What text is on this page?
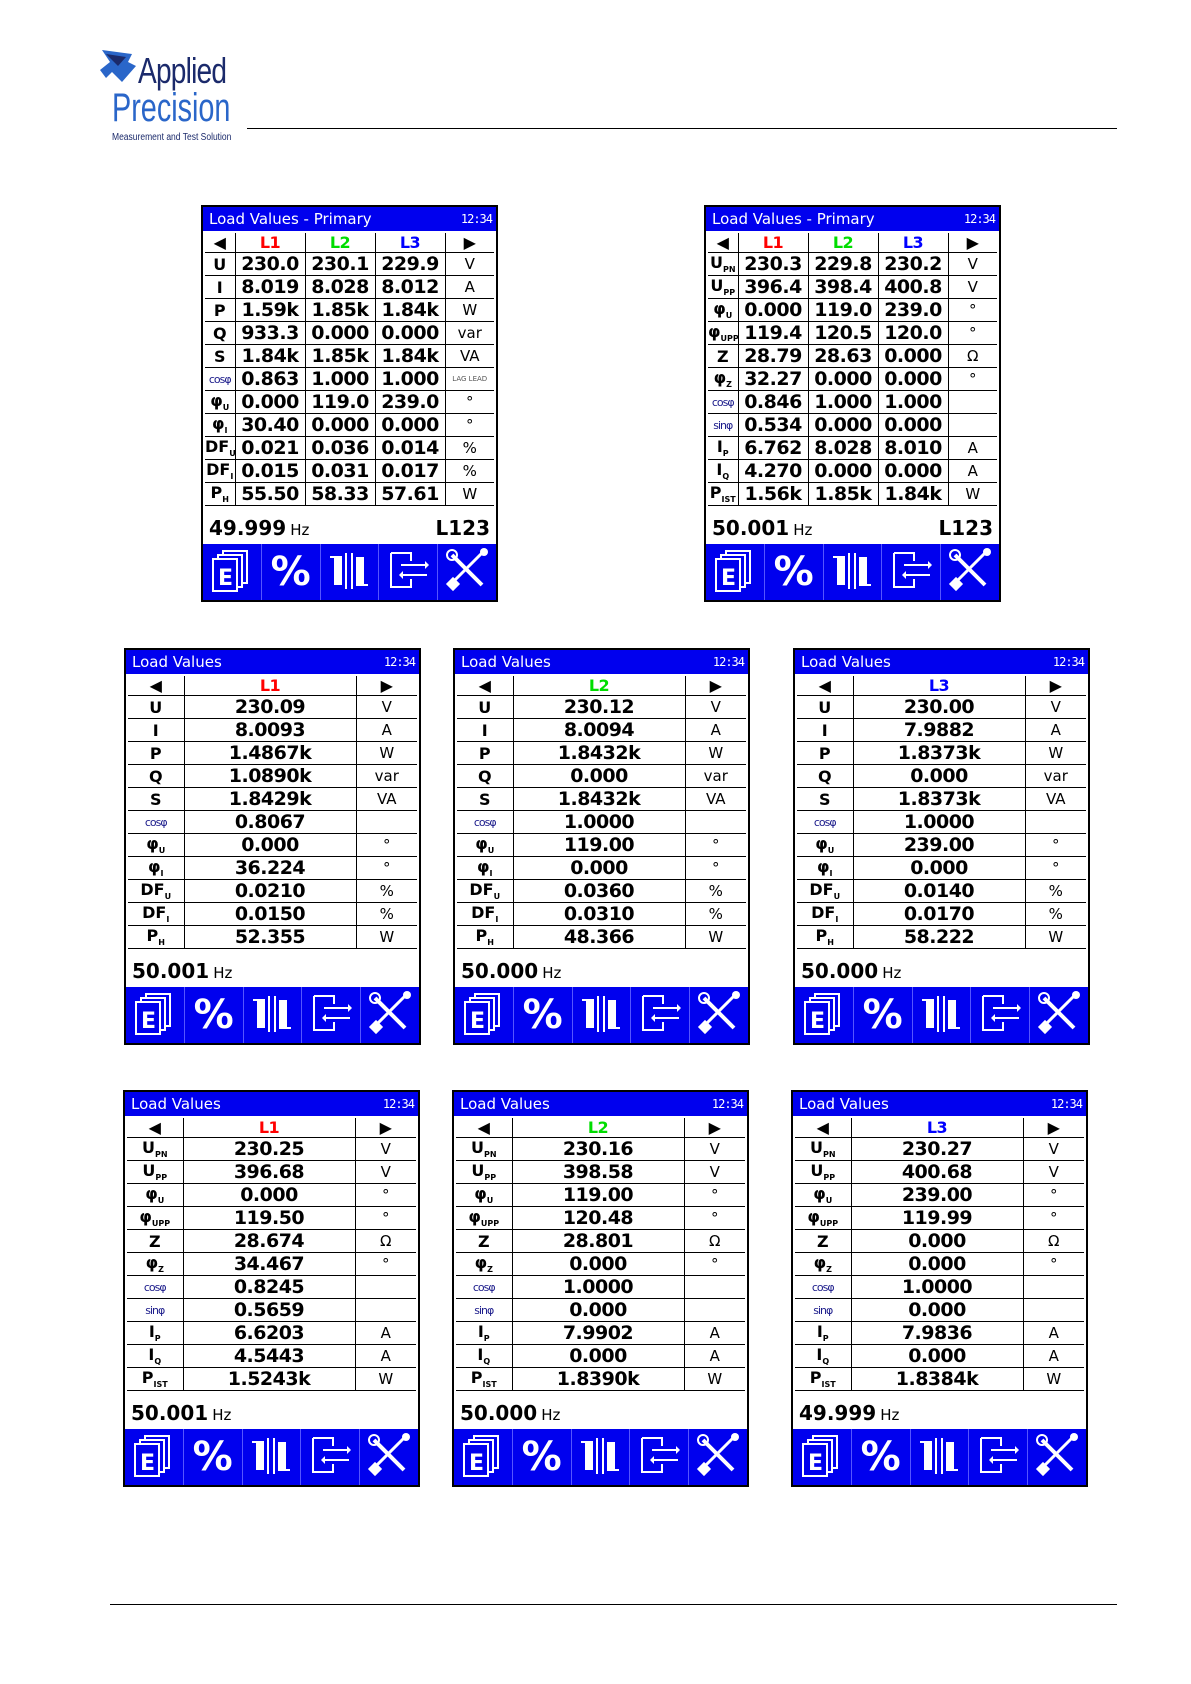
Applied
Precision
Measurement and Test Solution
Load Values - Primary	12:34
◀	L1	L2	L3	▶
U	230.0	230.1	229.9	V
I	8.019	8.028	8.012	A
P	1.59k	1.85k	1.84k	W
Q	933.3	0.000	0.000	var
S	1.84k	1.85k	1.84k	VA
cosφ	0.863	1.000	1.000	LAG LEAD
$\varphi_U$	0.000	119.0	239.0	°
$\varphi_I$	30.40	0.000	0.000	°
$DF_U$	0.021	0.036	0.014	%
$DF_I$	0.015	0.031	0.017	%
$P_H$	55.50	58.33	57.61	W
49.999 Hz	L123
E %
Load Values - Primary	12:34
◀	L1	L2	L3	▶
$U_{PN}$	230.3	229.8	230.2	V
$U_{PP}$	396.4	398.4	400.8	V
$\varphi_U$	0.000	119.0	239.0	°
$\varphi_{UPP}$	119.4	120.5	120.0	°
Z	28.79	28.63	0.000	Ω
$\varphi_Z$	32.27	0.000	0.000	°
cosφ	0.846	1.000	1.000	
sinφ	0.534	0.000	0.000	
$I_P$	6.762	8.028	8.010	A
$I_Q$	4.270	0.000	0.000	A
$P_{IST}$	1.56k	1.85k	1.84k	W
50.001 Hz	L123
E %
Load Values	12:34
◀	L1	▶
U	230.09	V
I	8.0093	A
P	1.4867k	W
Q	1.0890k	var
S	1.8429k	VA
cosφ	0.8067	
$\varphi_U$	0.000	°
$\varphi_I$	36.224	°
$DF_U$	0.0210	%
$DF_I$	0.0150	%
$P_H$	52.355	W
50.001 Hz
E %
Load Values	12:34
◀	L2	▶
U	230.12	V
I	8.0094	A
P	1.8432k	W
Q	0.000	var
S	1.8432k	VA
cosφ	1.0000	
$\varphi_U$	119.00	°
$\varphi_I$	0.000	°
$DF_U$	0.0360	%
$DF_I$	0.0310	%
$P_H$	48.366	W
50.000 Hz
E %
Load Values	12:34
◀	L3	▶
U	230.00	V
I	7.9882	A
P	1.8373k	W
Q	0.000	var
S	1.8373k	VA
cosφ	1.0000	
$\varphi_U$	239.00	°
$\varphi_I$	0.000	°
$DF_U$	0.0140	%
$DF_I$	0.0170	%
$P_H$	58.222	W
50.000 Hz
E %
Load Values	12:34
◀	L1	▶
$U_{PN}$	230.25	V
$U_{PP}$	396.68	V
$\varphi_U$	0.000	°
$\varphi_{UPP}$	119.50	°
Z	28.674	Ω
$\varphi_Z$	34.467	°
cosφ	0.8245	
sinφ	0.5659	
$I_P$	6.6203	A
$I_Q$	4.5443	A
$P_{IST}$	1.5243k	W
50.001 Hz
E %
Load Values	12:34
◀	L2	▶
$U_{PN}$	230.16	V
$U_{PP}$	398.58	V
$\varphi_U$	119.00	°
$\varphi_{UPP}$	120.48	°
Z	28.801	Ω
$\varphi_Z$	0.000	°
cosφ	1.0000	
sinφ	0.000	
$I_P$	7.9902	A
$I_Q$	0.000	A
$P_{IST}$	1.8390k	W
50.000 Hz
E %
Load Values	12:34
◀	L3	▶
$U_{PN}$	230.27	V
$U_{PP}$	400.68	V
$\varphi_U$	239.00	°
$\varphi_{UPP}$	119.99	°
Z	0.000	Ω
$\varphi_Z$	0.000	°
cosφ	1.0000	
sinφ	0.000	
$I_P$	7.9836	A
$I_Q$	0.000	A
$P_{IST}$	1.8384k	W
49.999 Hz
E %
